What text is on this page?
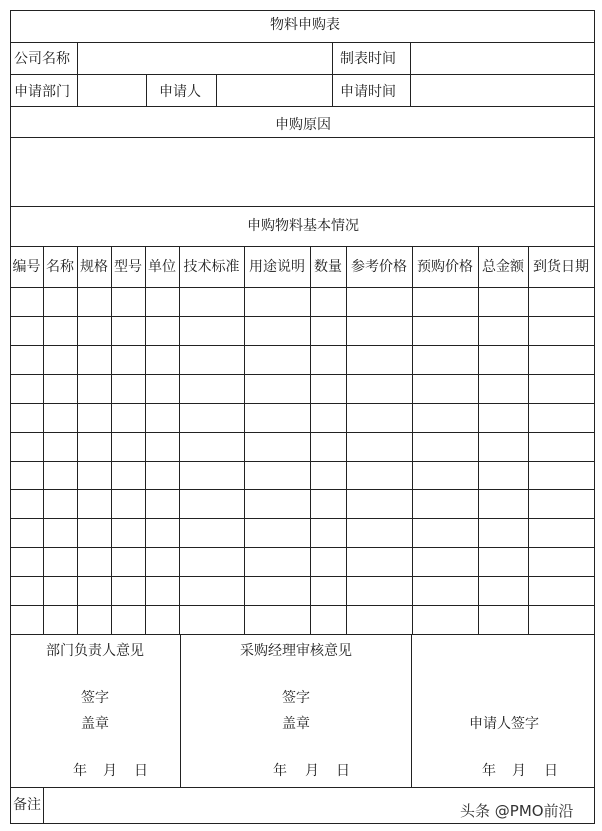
物料申购表
公司名称	制表时间
申请部门	申请人	申请时间
申购原因
申购物料基本情况
编号 名称 规格 型号 单位 技术标准 用途说明 数量 参考价格 预购价格 总金额 到货日期
部门负责人意见
签字
盖章
年 月 日
采购经理审核意见
签字
盖章
年 月 日
申请人签字
年 月 日
备注	头条 @PMO前沿
